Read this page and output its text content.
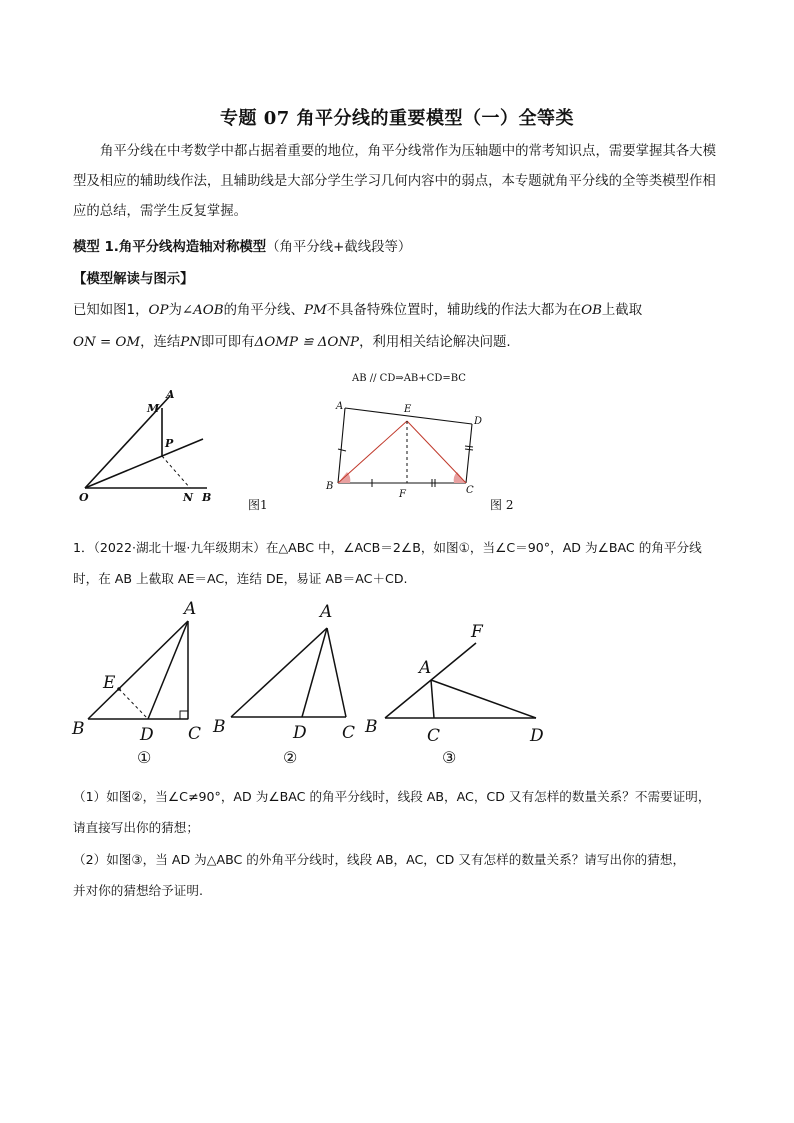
专题 07 角平分线的重要模型（一）全等类
角平分线在中考数学中都占据着重要的地位，角平分线常作为压轴题中的常考知识点，需要掌握其各大模型及相应的辅助线作法，且辅助线是大部分学生学习几何内容中的弱点，本专题就角平分线的全等类模型作相应的总结，需学生反复掌握。
模型 1.角平分线构造轴对称模型（角平分线+截线段等）
【模型解读与图示】
已知如图1，OP为∠AOB的角平分线、PM不具备特殊位置时，辅助线的作法大都为在OB上截取
ON = OM，连结PN即可即有ΔOMP ≌ ΔONP，利用相关结论解决问题.
A
M
P
O	N B
图1
AB // CD⇒AB+CD=BC
A	E
D
B
F	C
图 2
1．（2022·湖北十堰·九年级期末）在△ABC 中，∠ACB＝2∠B，如图①，当∠C＝90°，AD 为∠BAC 的角平分线
时，在 AB 上截取 AE＝AC，连结 DE，易证 AB＝AC＋CD.
A
E
B	D C
①
A
B	D C
②
F
A
B	C	D
③
（1）如图②，当∠C≠90°，AD 为∠BAC 的角平分线时，线段 AB，AC，CD 又有怎样的数量关系？不需要证明，
请直接写出你的猜想；
（2）如图③，当 AD 为△ABC 的外角平分线时，线段 AB，AC，CD 又有怎样的数量关系？请写出你的猜想，
并对你的猜想给予证明.
